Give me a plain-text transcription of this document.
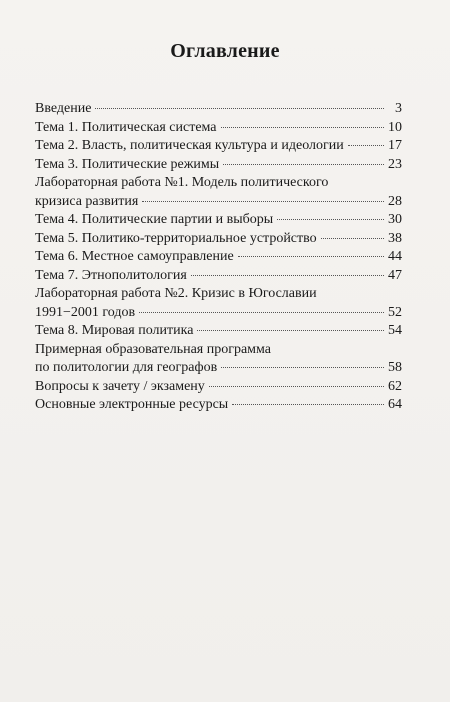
Оглавление
Введение	3
Тема 1. Политическая система	10
Тема 2. Власть, политическая культура и идеологии	17
Тема 3. Политические режимы	23
Лабораторная работа №1. Модель политического
кризиса развития	28
Тема 4. Политические партии и выборы	30
Тема 5. Политико-территориальное устройство	38
Тема 6. Местное самоуправление	44
Тема 7. Этнополитология	47
Лабораторная работа №2. Кризис в Югославии
1991−2001 годов	52
Тема 8. Мировая политика	54
Примерная образовательная программа
по политологии для географов	58
Вопросы к зачету / экзамену	62
Основные электронные ресурсы	64
